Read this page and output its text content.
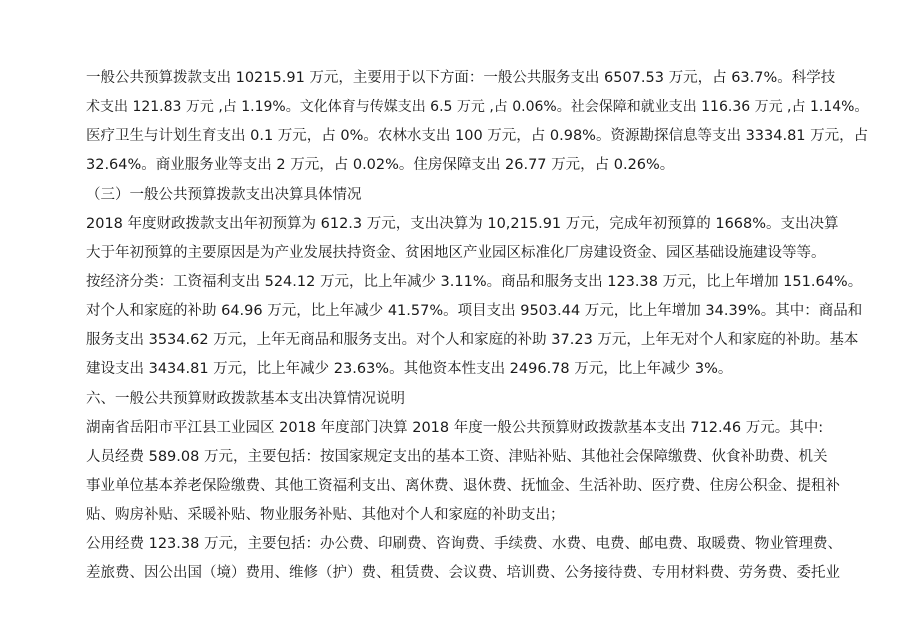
一般公共预算拨款支出 10215.91 万元，主要用于以下方面：一般公共服务支出 6507.53 万元，占 63.7%。科学技
术支出 121.83 万元 ,占 1.19%。文化体育与传媒支出 6.5 万元 ,占 0.06%。社会保障和就业支出 116.36 万元 ,占 1.14%。
医疗卫生与计划生育支出 0.1 万元，占 0%。农林水支出 100 万元，占 0.98%。资源勘探信息等支出 3334.81 万元，占
32.64%。商业服务业等支出 2 万元，占 0.02%。住房保障支出 26.77 万元，占 0.26%。
（三）一般公共预算拨款支出决算具体情况
2018 年度财政拨款支出年初预算为 612.3 万元，支出决算为 10,215.91 万元，完成年初预算的 1668%。支出决算
大于年初预算的主要原因是为产业发展扶持资金、贫困地区产业园区标准化厂房建设资金、园区基础设施建设等等。
按经济分类：工资福利支出 524.12 万元，比上年减少 3.11%。商品和服务支出 123.38 万元，比上年增加 151.64%。
对个人和家庭的补助 64.96 万元，比上年减少 41.57%。项目支出 9503.44 万元，比上年增加 34.39%。其中：商品和
服务支出 3534.62 万元，上年无商品和服务支出。对个人和家庭的补助 37.23 万元，上年无对个人和家庭的补助。基本
建设支出 3434.81 万元，比上年减少 23.63%。其他资本性支出 2496.78 万元，比上年减少 3%。
六、一般公共预算财政拨款基本支出决算情况说明
湖南省岳阳市平江县工业园区 2018 年度部门决算 2018 年度一般公共预算财政拨款基本支出 712.46 万元。其中:
人员经费 589.08 万元，主要包括：按国家规定支出的基本工资、津贴补贴、其他社会保障缴费、伙食补助费、机关
事业单位基本养老保险缴费、其他工资福利支出、离休费、退休费、抚恤金、生活补助、医疗费、住房公积金、提租补
贴、购房补贴、采暖补贴、物业服务补贴、其他对个人和家庭的补助支出；
公用经费 123.38 万元，主要包括：办公费、印刷费、咨询费、手续费、水费、电费、邮电费、取暖费、物业管理费、
差旅费、因公出国（境）费用、维修（护）费、租赁费、会议费、培训费、公务接待费、专用材料费、劳务费、委托业
